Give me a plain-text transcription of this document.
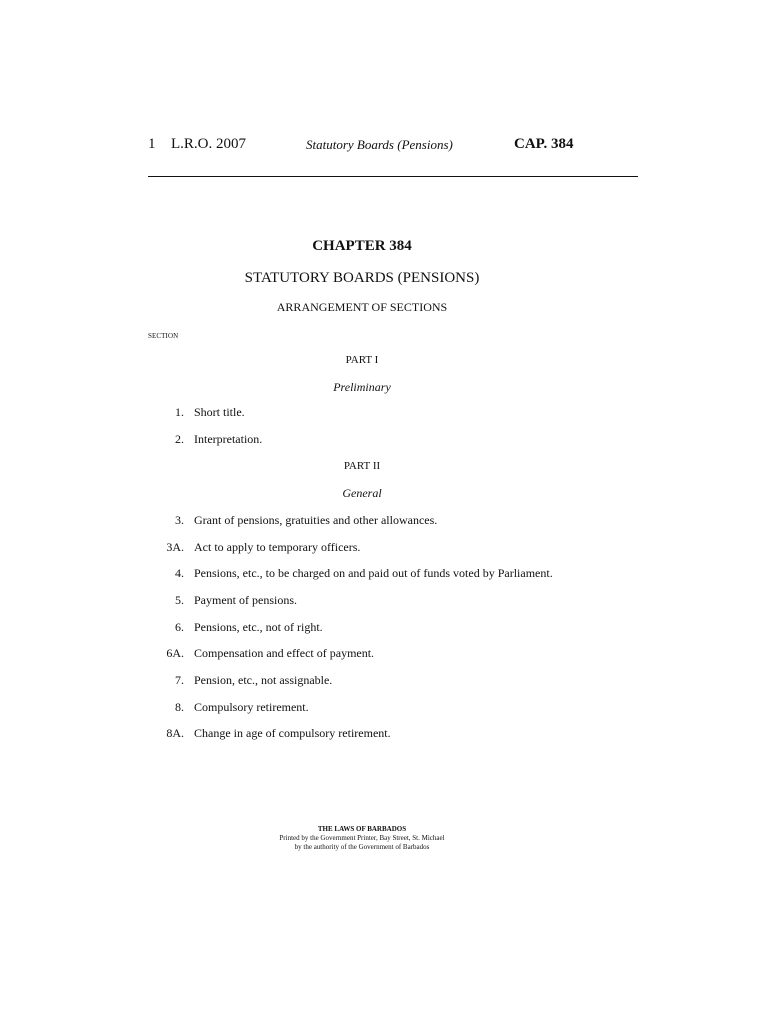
1 L.R.O. 2007	Statutory Boards (Pensions)	CAP. 384
CHAPTER 384
STATUTORY BOARDS (PENSIONS)
ARRANGEMENT OF SECTIONS
SECTION
PART I
Preliminary
1. Short title.
2. Interpretation.
PART II
General
3. Grant of pensions, gratuities and other allowances.
3A. Act to apply to temporary officers.
4. Pensions, etc., to be charged on and paid out of funds voted by Parliament.
5. Payment of pensions.
6. Pensions, etc., not of right.
6A. Compensation and effect of payment.
7. Pension, etc., not assignable.
8. Compulsory retirement.
8A. Change in age of compulsory retirement.
THE LAWS OF BARBADOS
Printed by the Government Printer, Bay Street, St. Michael
by the authority of the Government of Barbados
